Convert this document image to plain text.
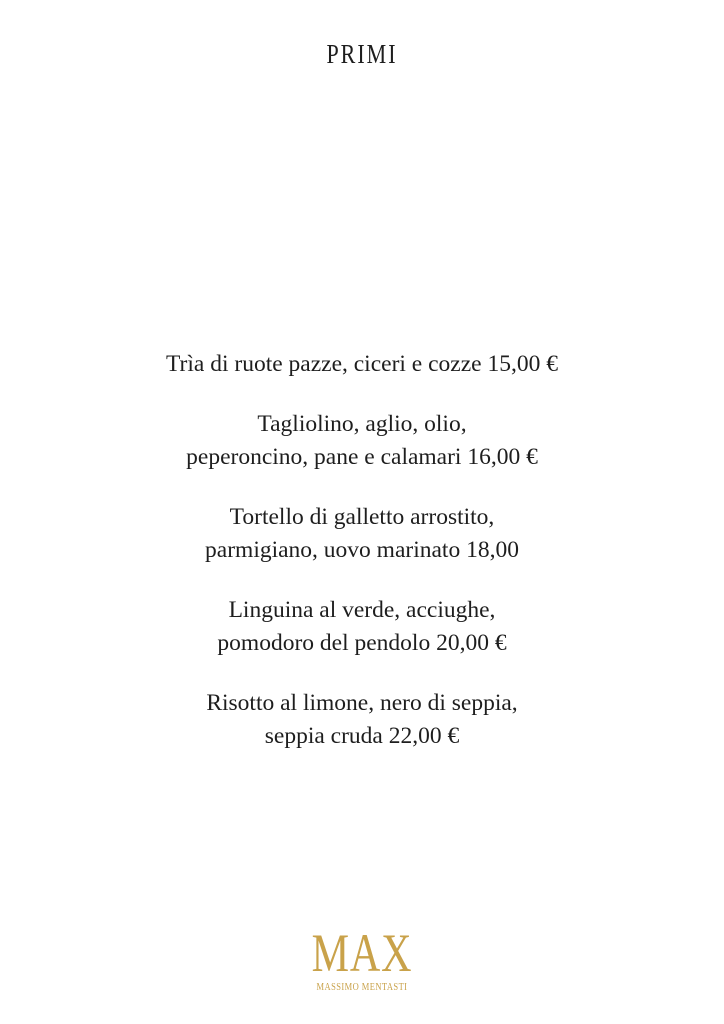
PRIMI
Trìa di ruote pazze, ciceri e cozze 15,00 €
Tagliolino, aglio, olio,
peperoncino, pane e calamari 16,00 €
Tortello di galletto arrostito,
parmigiano, uovo marinato 18,00
Linguina al verde, acciughe,
pomodoro del pendolo 20,00 €
Risotto al limone, nero di seppia,
seppia cruda 22,00 €
MAX
MASSIMO MENTASTI
